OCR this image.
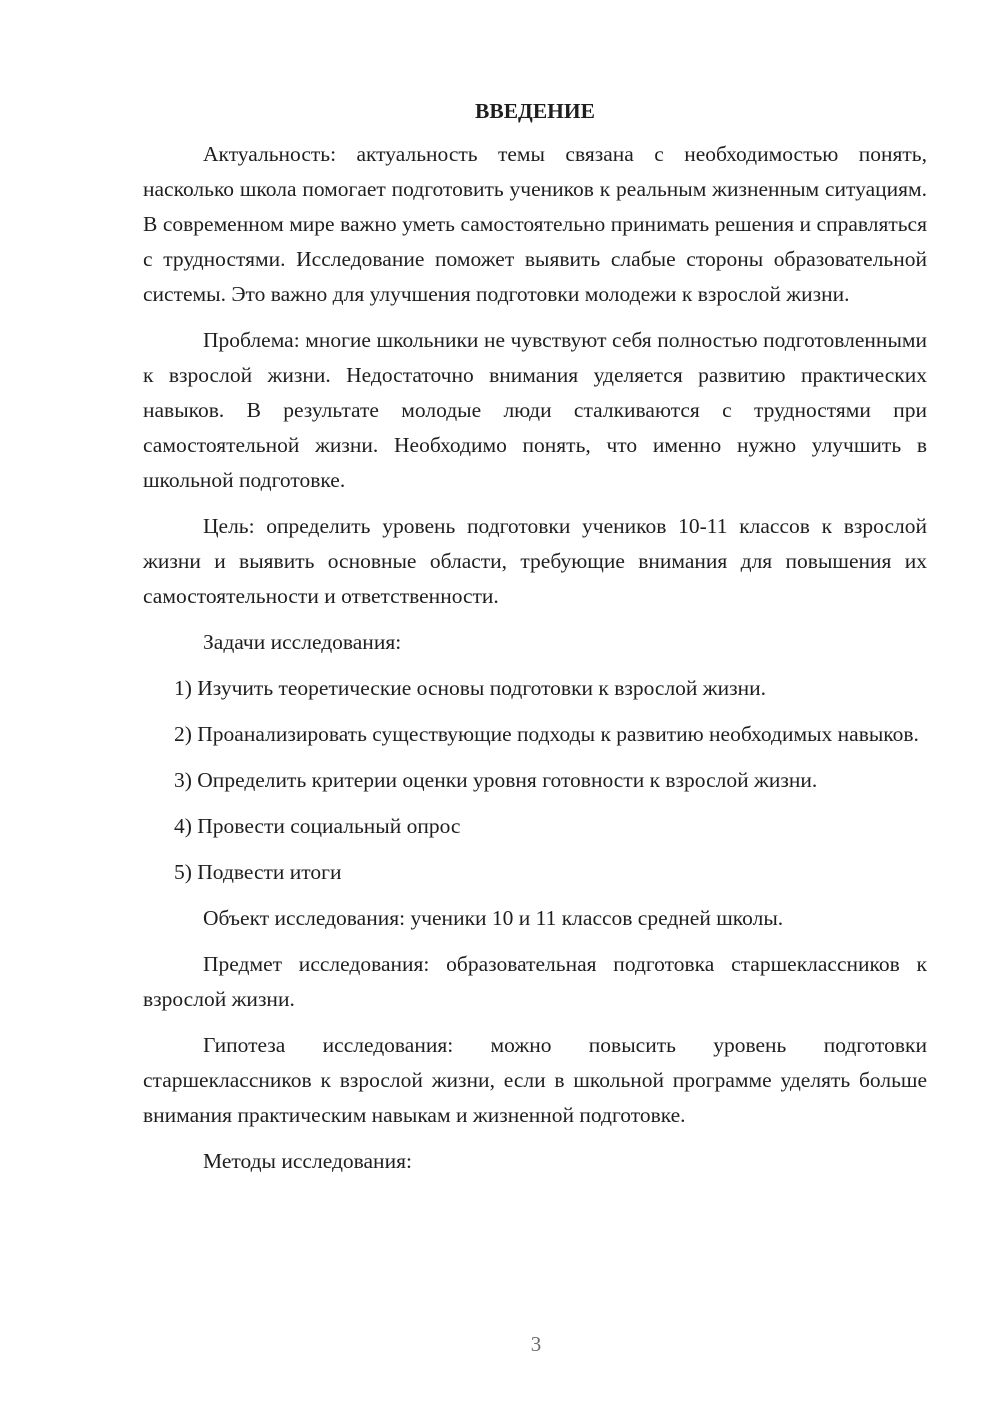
ВВЕДЕНИЕ

Актуальность: актуальность темы связана с необходимостью понять, насколько школа помогает подготовить учеников к реальным жизненным ситуациям. В современном мире важно уметь самостоятельно принимать решения и справляться с трудностями. Исследование поможет выявить слабые стороны образовательной системы. Это важно для улучшения подготовки молодежи к взрослой жизни.

Проблема: многие школьники не чувствуют себя полностью подготовленными к взрослой жизни. Недостаточно внимания уделяется развитию практических навыков. В результате молодые люди сталкиваются с трудностями при самостоятельной жизни. Необходимо понять, что именно нужно улучшить в школьной подготовке.

Цель: определить уровень подготовки учеников 10-11 классов к взрослой жизни и выявить основные области, требующие внимания для повышения их самостоятельности и ответственности.

Задачи исследования:

1) Изучить теоретические основы подготовки к взрослой жизни.

2) Проанализировать существующие подходы к развитию необходимых навыков.

3) Определить критерии оценки уровня готовности к взрослой жизни.

4) Провести социальный опрос

5) Подвести итоги

Объект исследования: ученики 10 и 11 классов средней школы.

Предмет исследования: образовательная подготовка старшеклассников к взрослой жизни.

Гипотеза исследования: можно повысить уровень подготовки старшеклассников к взрослой жизни, если в школьной программе уделять больше внимания практическим навыкам и жизненной подготовке.

Методы исследования:

3
